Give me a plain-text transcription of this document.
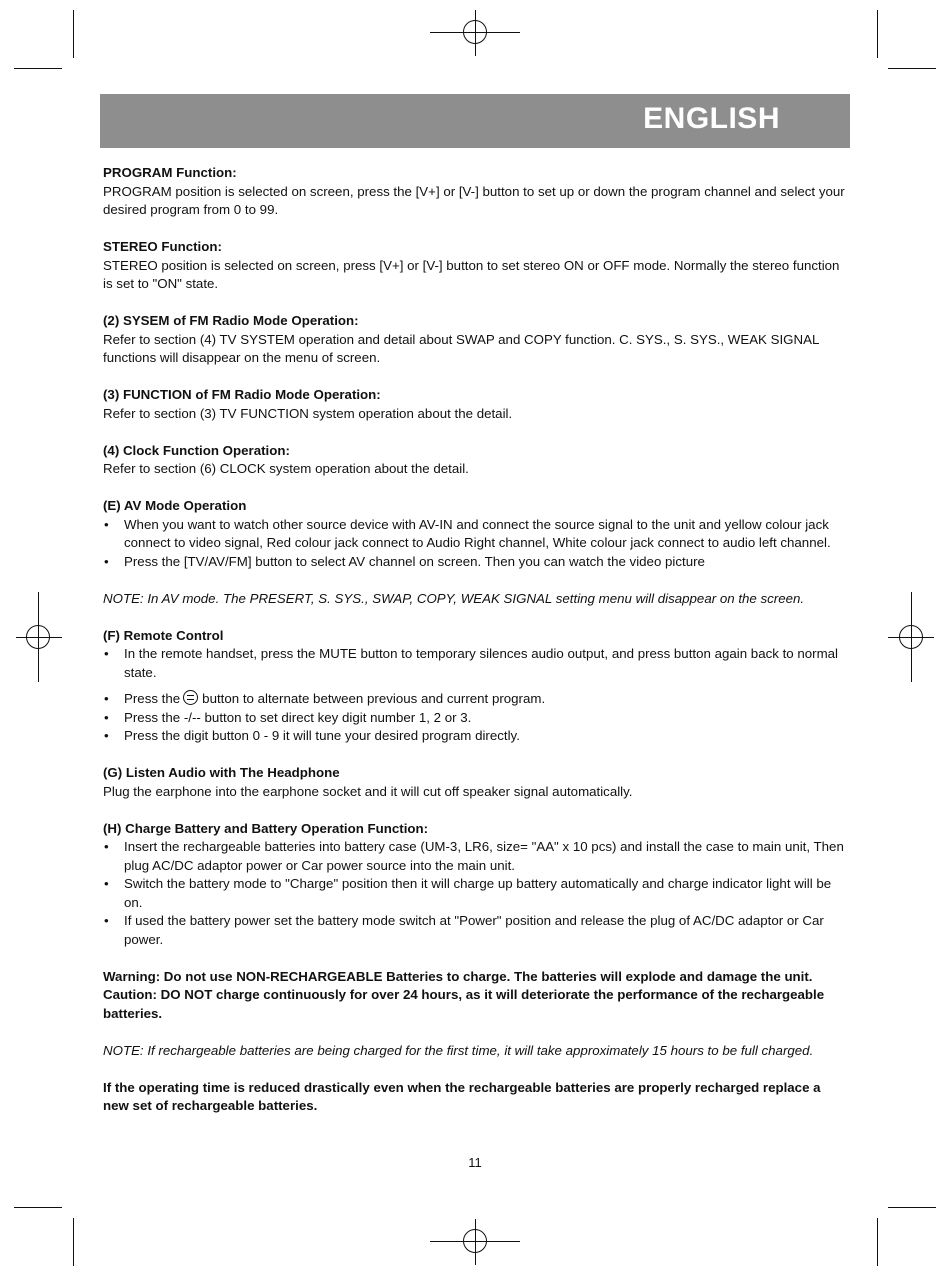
ENGLISH

PROGRAM Function:

PROGRAM position is selected on screen, press the [V+] or [V-] button to set up or down the program channel and select your desired program from 0 to 99.

STEREO Function:

STEREO position is selected on screen, press [V+] or [V-] button to set stereo ON or OFF mode. Normally the stereo function is set to "ON" state.

(2) SYSEM of FM Radio Mode Operation:

Refer to section (4) TV SYSTEM operation and detail about SWAP and COPY function. C. SYS., S. SYS., WEAK SIGNAL functions will disappear on the menu of screen.

(3) FUNCTION of FM Radio Mode Operation:

Refer to section (3) TV FUNCTION system operation about the detail.

(4) Clock Function Operation:

Refer to section (6) CLOCK system operation about the detail.

(E) AV Mode Operation

• When you want to watch other source device with AV-IN and connect the source signal to the unit and yellow colour jack connect to video signal, Red colour jack connect to Audio Right channel, White colour jack connect to audio left channel.
• Press the [TV/AV/FM] button to select AV channel on screen. Then you can watch the video picture

NOTE: In AV mode. The PRESERT, S. SYS., SWAP, COPY, WEAK SIGNAL setting menu will disappear on the screen.

(F) Remote Control

• In the remote handset, press the MUTE button to temporary silences audio output, and press button again back to normal state.
• Press the button to alternate between previous and current program.
• Press the -/-- button to set direct key digit number 1, 2 or 3.
• Press the digit button 0 - 9 it will tune your desired program directly.

(G) Listen Audio with The Headphone

Plug the earphone into the earphone socket and it will cut off speaker signal automatically.

(H) Charge Battery and Battery Operation Function:

• Insert the rechargeable batteries into battery case (UM-3, LR6, size= "AA" x 10 pcs) and install the case to main unit, Then plug AC/DC adaptor power or Car power source into the main unit.
• Switch the battery mode to "Charge" position then it will charge up battery automatically and charge indicator light will be on.
• If used the battery power set the battery mode switch at "Power" position and release the plug of AC/DC adaptor or Car power.

Warning: Do not use NON-RECHARGEABLE Batteries to charge. The batteries will explode and damage the unit.

Caution: DO NOT charge continuously for over 24 hours, as it will deteriorate the performance of the rechargeable batteries.

NOTE: If rechargeable batteries are being charged for the first time, it will take approximately 15 hours to be full charged.

If the operating time is reduced drastically even when the rechargeable batteries are properly recharged replace a new set of rechargeable batteries.

11
